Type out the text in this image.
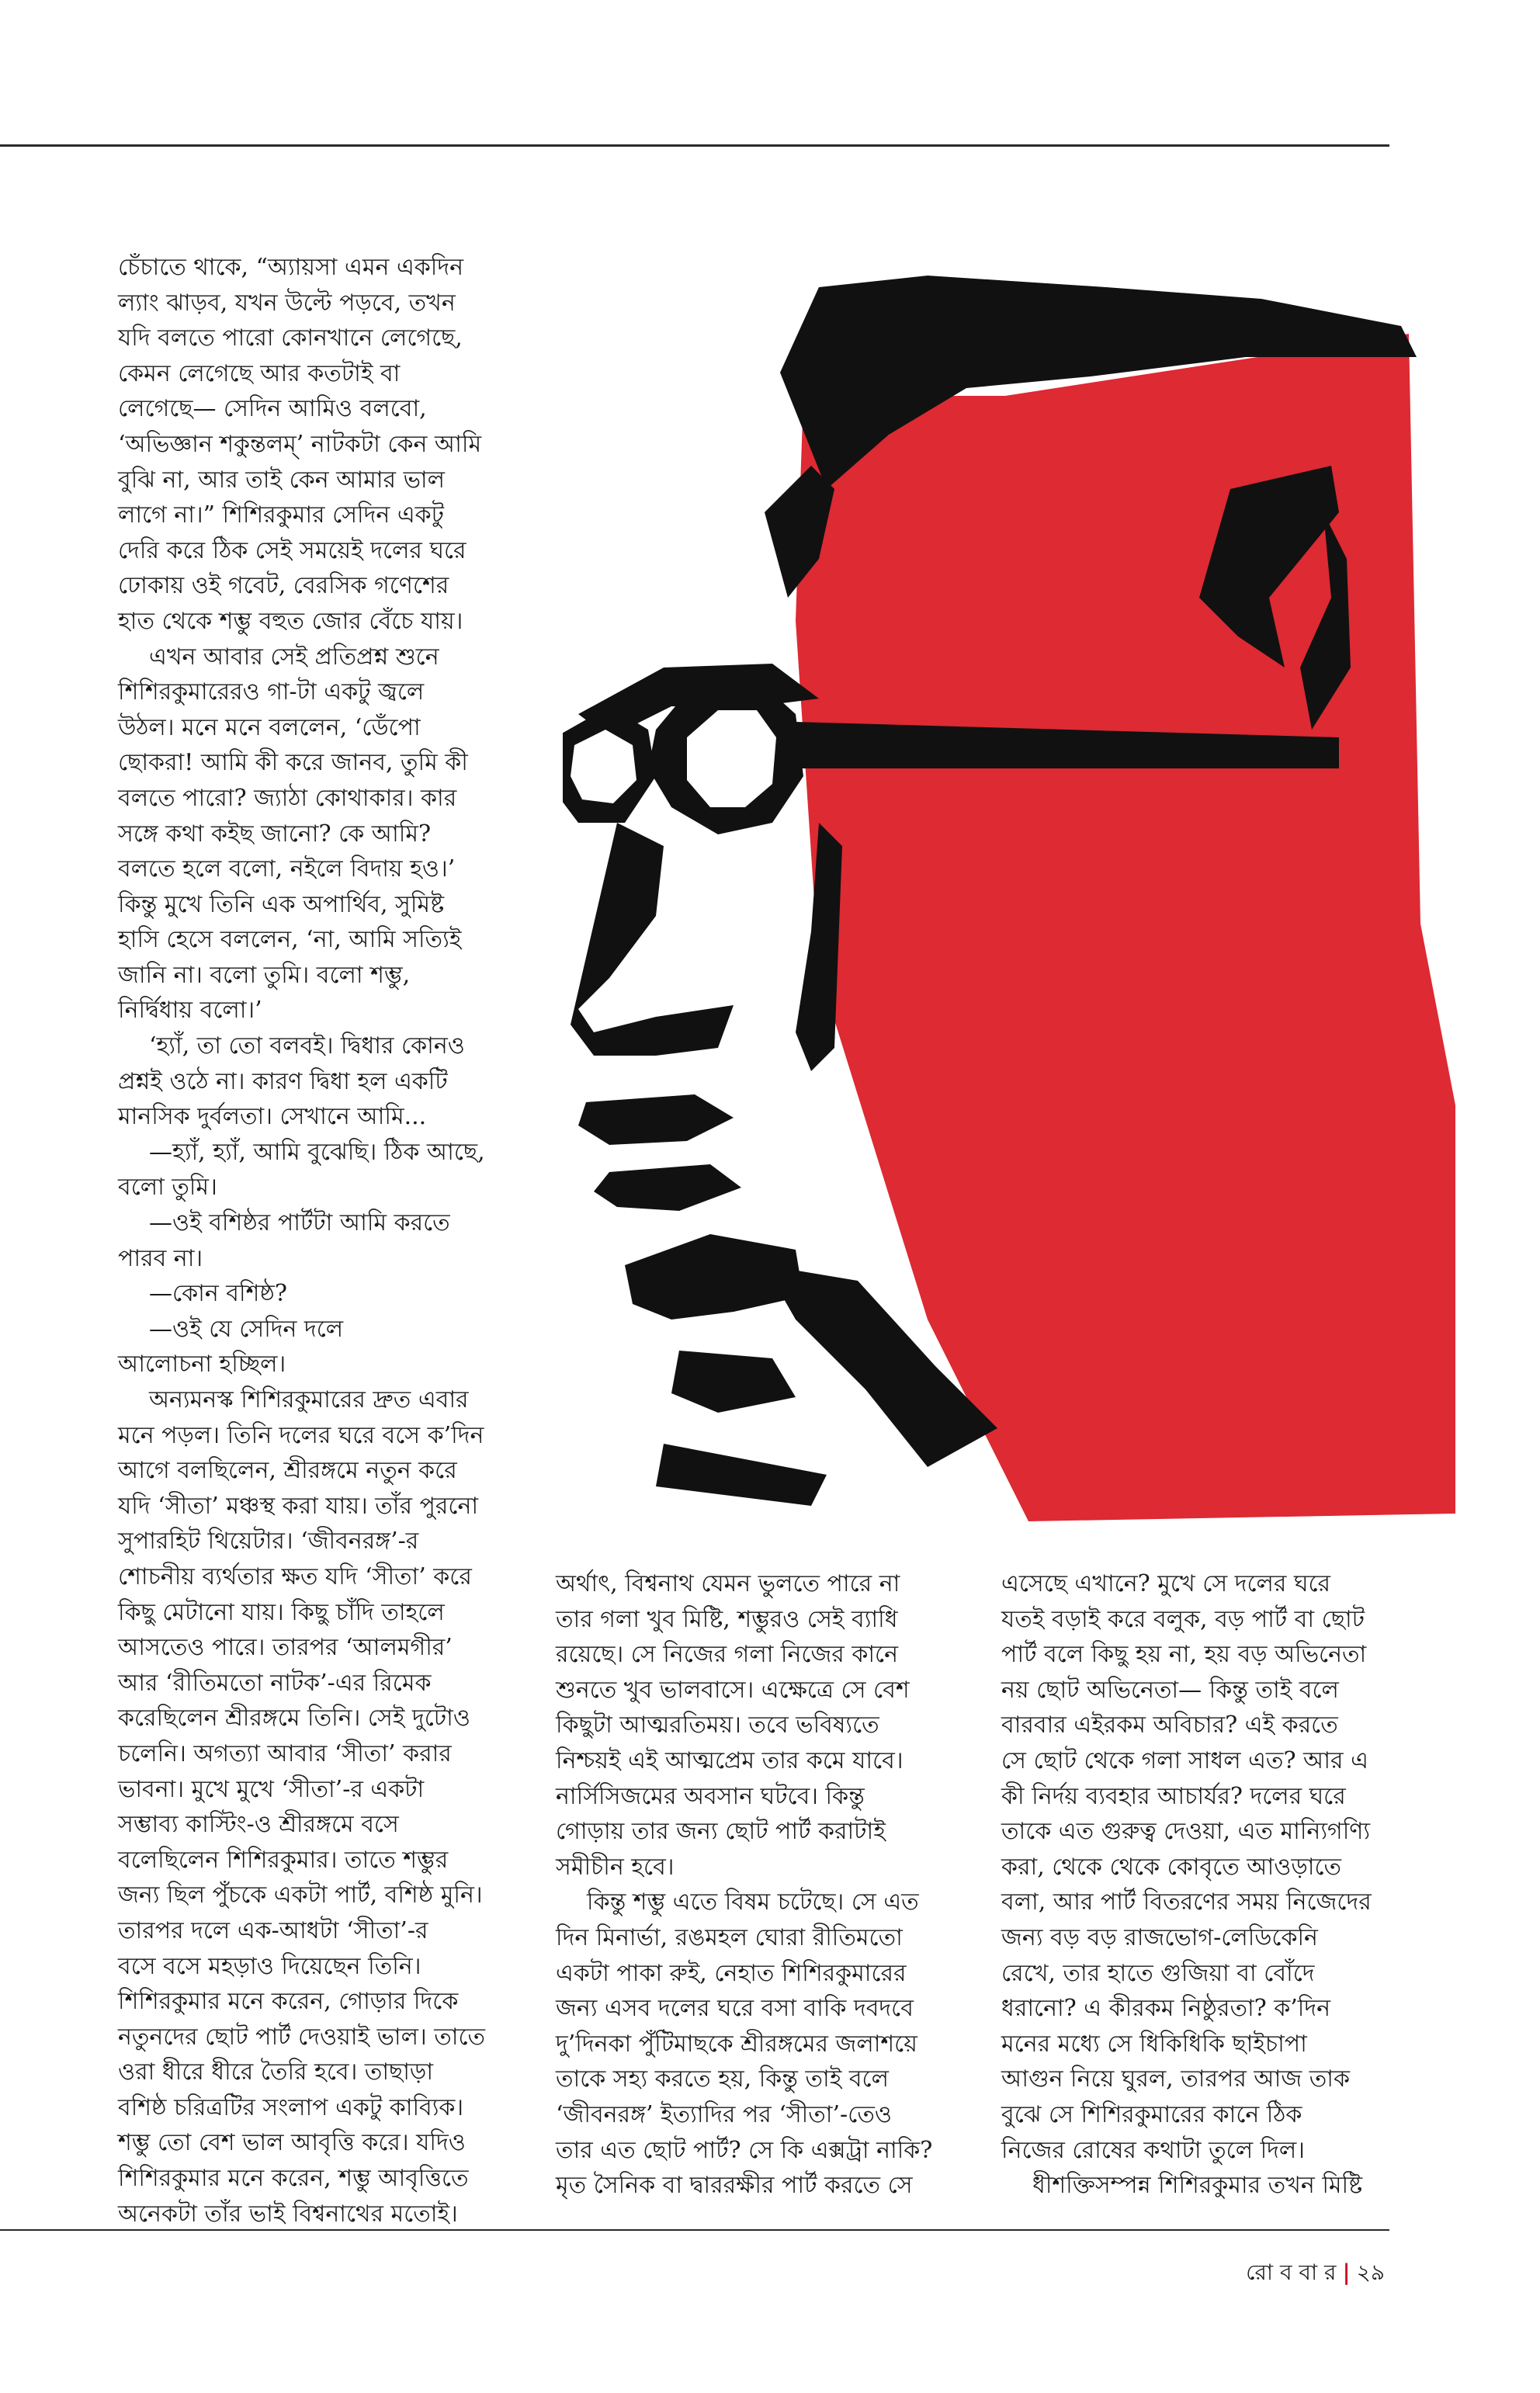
চেঁচাতে থাকে, “অ্যায়সা এমন একদিন

ল্যাং ঝাড়ব, যখন উল্টে পড়বে, তখন

যদি বলতে পারো কোনখানে লেগেছে,

কেমন লেগেছে আর কতটাই বা

লেগেছে— সেদিন আমিও বলবো,

‘অভিজ্ঞান শকুন্তলম্’ নাটকটা কেন আমি

বুঝি না, আর তাই কেন আমার ভাল

লাগে না।” শিশিরকুমার সেদিন একটু

দেরি করে ঠিক সেই সময়েই দলের ঘরে

ঢোকায় ওই গবেট, বেরসিক গণেশের

হাত থেকে শম্ভু বহুত জোর বেঁচে যায়।

এখন আবার সেই প্রতিপ্রশ্ন শুনে

শিশিরকুমারেরও গা-টা একটু জ্বলে

উঠল। মনে মনে বললেন, ‘ডেঁপো

ছোকরা! আমি কী করে জানব, তুমি কী

বলতে পারো? জ্যাঠা কোথাকার। কার

সঙ্গে কথা কইছ জানো? কে আমি?

বলতে হলে বলো, নইলে বিদায় হও।’

কিন্তু মুখে তিনি এক অপার্থিব, সুমিষ্ট

হাসি হেসে বললেন, ‘না, আমি সত্যিই

জানি না। বলো তুমি। বলো শম্ভু,

নির্দ্বিধায় বলো।’

‘হ্যাঁ, তা তো বলবই। দ্বিধার কোনও

প্রশ্নই ওঠে না। কারণ দ্বিধা হল একটি

মানসিক দুর্বলতা। সেখানে আমি...

—হ্যাঁ, হ্যাঁ, আমি বুঝেছি। ঠিক আছে,

বলো তুমি।

—ওই বশিষ্ঠর পার্টটা আমি করতে

পারব না।

—কোন বশিষ্ঠ?

—ওই যে সেদিন দলে

আলোচনা হচ্ছিল।

অন্যমনস্ক শিশিরকুমারের দ্রুত এবার

মনে পড়ল। তিনি দলের ঘরে বসে ক’দিন

আগে বলছিলেন, শ্রীরঙ্গমে নতুন করে

যদি ‘সীতা’ মঞ্চস্থ করা যায়। তাঁর পুরনো

সুপারহিট থিয়েটার। ‘জীবনরঙ্গ’-র

শোচনীয় ব্যর্থতার ক্ষত যদি ‘সীতা’ করে

কিছু মেটানো যায়। কিছু চাঁদি তাহলে

আসতেও পারে। তারপর ‘আলমগীর’

আর ‘রীতিমতো নাটক’-এর রিমেক

করেছিলেন শ্রীরঙ্গমে তিনি। সেই দুটোও

চলেনি। অগত্যা আবার ‘সীতা’ করার

ভাবনা। মুখে মুখে ‘সীতা’-র একটা

সম্ভাব্য কাস্টিং-ও শ্রীরঙ্গমে বসে

বলেছিলেন শিশিরকুমার। তাতে শম্ভুর

জন্য ছিল পুঁচকে একটা পার্ট, বশিষ্ঠ মুনি।

তারপর দলে এক-আধটা ‘সীতা’-র

বসে বসে মহড়াও দিয়েছেন তিনি।

শিশিরকুমার মনে করেন, গোড়ার দিকে

নতুনদের ছোট পার্ট দেওয়াই ভাল। তাতে

ওরা ধীরে ধীরে তৈরি হবে। তাছাড়া

বশিষ্ঠ চরিত্রটির সংলাপ একটু কাব্যিক।

শম্ভু তো বেশ ভাল আবৃত্তি করে। যদিও

শিশিরকুমার মনে করেন, শম্ভু আবৃত্তিতে

অনেকটা তাঁর ভাই বিশ্বনাথের মতোই।

অর্থাৎ, বিশ্বনাথ যেমন ভুলতে পারে না

তার গলা খুব মিষ্টি, শম্ভুরও সেই ব্যাধি

রয়েছে। সে নিজের গলা নিজের কানে

শুনতে খুব ভালবাসে। এক্ষেত্রে সে বেশ

কিছুটা আত্মরতিময়। তবে ভবিষ্যতে

নিশ্চয়ই এই আত্মপ্রেম তার কমে যাবে।

নার্সিসিজমের অবসান ঘটবে। কিন্তু

গোড়ায় তার জন্য ছোট পার্ট করাটাই

সমীচীন হবে।

কিন্তু শম্ভু এতে বিষম চটেছে। সে এত

দিন মিনার্ভা, রঙমহল ঘোরা রীতিমতো

একটা পাকা রুই, নেহাত শিশিরকুমারের

জন্য এসব দলের ঘরে বসা বাকি দবদবে

দু’দিনকা পুঁটিমাছকে শ্রীরঙ্গমের জলাশয়ে

তাকে সহ্য করতে হয়, কিন্তু তাই বলে

‘জীবনরঙ্গ’ ইত্যাদির পর ‘সীতা’-তেও

তার এত ছোট পার্ট? সে কি এক্সট্রা নাকি?

মৃত সৈনিক বা দ্বাররক্ষীর পার্ট করতে সে

এসেছে এখানে? মুখে সে দলের ঘরে

যতই বড়াই করে বলুক, বড় পার্ট বা ছোট

পার্ট বলে কিছু হয় না, হয় বড় অভিনেতা

নয় ছোট অভিনেতা— কিন্তু তাই বলে

বারবার এইরকম অবিচার? এই করতে

সে ছোট থেকে গলা সাধল এত? আর এ

কী নির্দয় ব্যবহার আচার্যর? দলের ঘরে

তাকে এত গুরুত্ব দেওয়া, এত মান্যিগণ্যি

করা, থেকে থেকে কোবৃতে আওড়াতে

বলা, আর পার্ট বিতরণের সময় নিজেদের

জন্য বড় বড় রাজভোগ-লেডিকেনি

রেখে, তার হাতে গুজিয়া বা বোঁদে

ধরানো? এ কীরকম নিষ্ঠুরতা? ক’দিন

মনের মধ্যে সে ধিকিধিকি ছাইচাপা

আগুন নিয়ে ঘুরল, তারপর আজ তাক

বুঝে সে শিশিরকুমারের কানে ঠিক

নিজের রোষের কথাটা তুলে দিল।

ধীশক্তিসম্পন্ন শিশিরকুমার তখন মিষ্টি

রো ব বা র | ২৯
